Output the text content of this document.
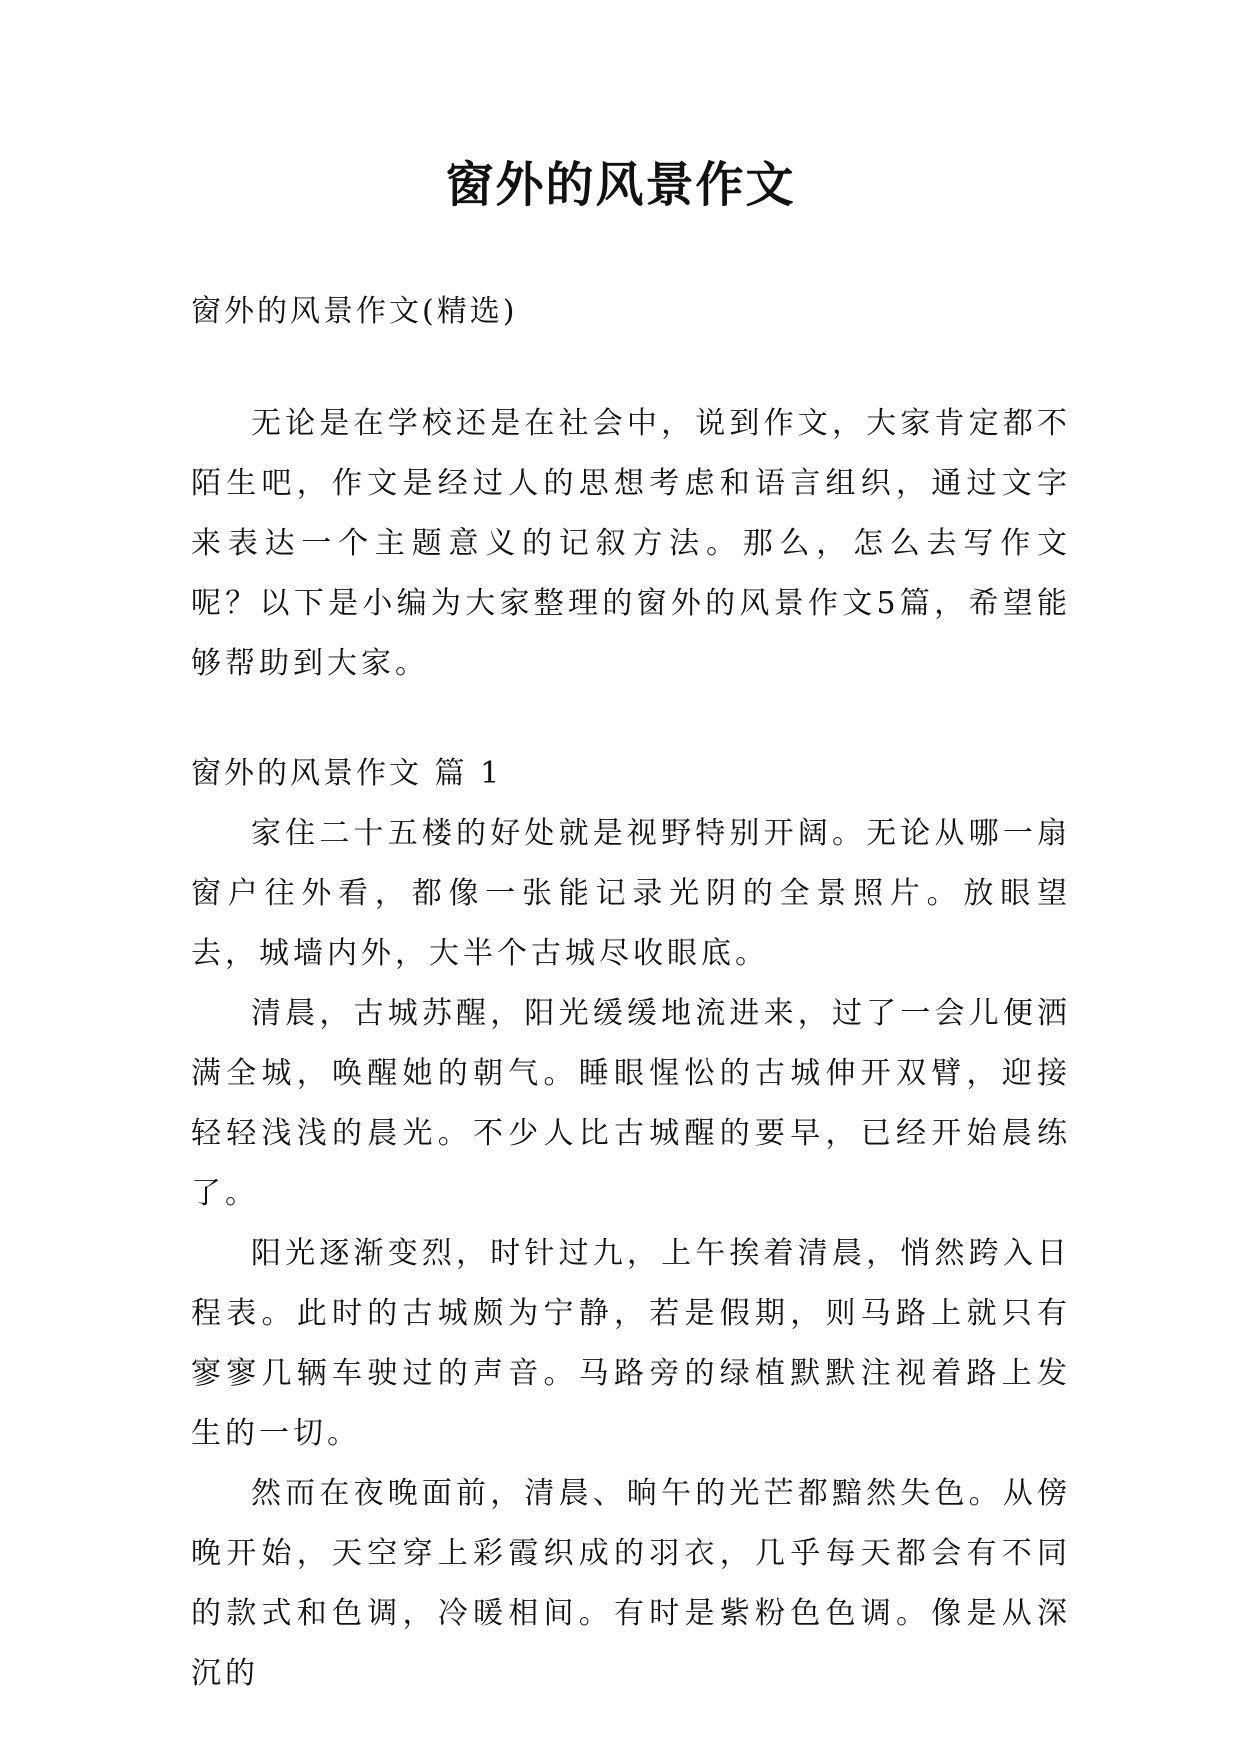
窗外的风景作文

窗外的风景作文(精选)

无论是在学校还是在社会中，说到作文，大家肯定都不陌生吧，作文是经过人的思想考虑和语言组织，通过文字来表达一个主题意义的记叙方法。那么，怎么去写作文呢？以下是小编为大家整理的窗外的风景作文5篇，希望能够帮助到大家。

窗外的风景作文 篇 1

家住二十五楼的好处就是视野特别开阔。无论从哪一扇窗户往外看，都像一张能记录光阴的全景照片。放眼望去，城墙内外，大半个古城尽收眼底。

清晨，古城苏醒，阳光缓缓地流进来，过了一会儿便洒满全城，唤醒她的朝气。睡眼惺忪的古城伸开双臂，迎接轻轻浅浅的晨光。不少人比古城醒的要早，已经开始晨练了。

阳光逐渐变烈，时针过九，上午挨着清晨，悄然跨入日程表。此时的古城颇为宁静，若是假期，则马路上就只有寥寥几辆车驶过的声音。马路旁的绿植默默注视着路上发生的一切。

然而在夜晚面前，清晨、晌午的光芒都黯然失色。从傍晚开始，天空穿上彩霞织成的羽衣，几乎每天都会有不同的款式和色调，冷暖相间。有时是紫粉色色调。像是从深沉的
